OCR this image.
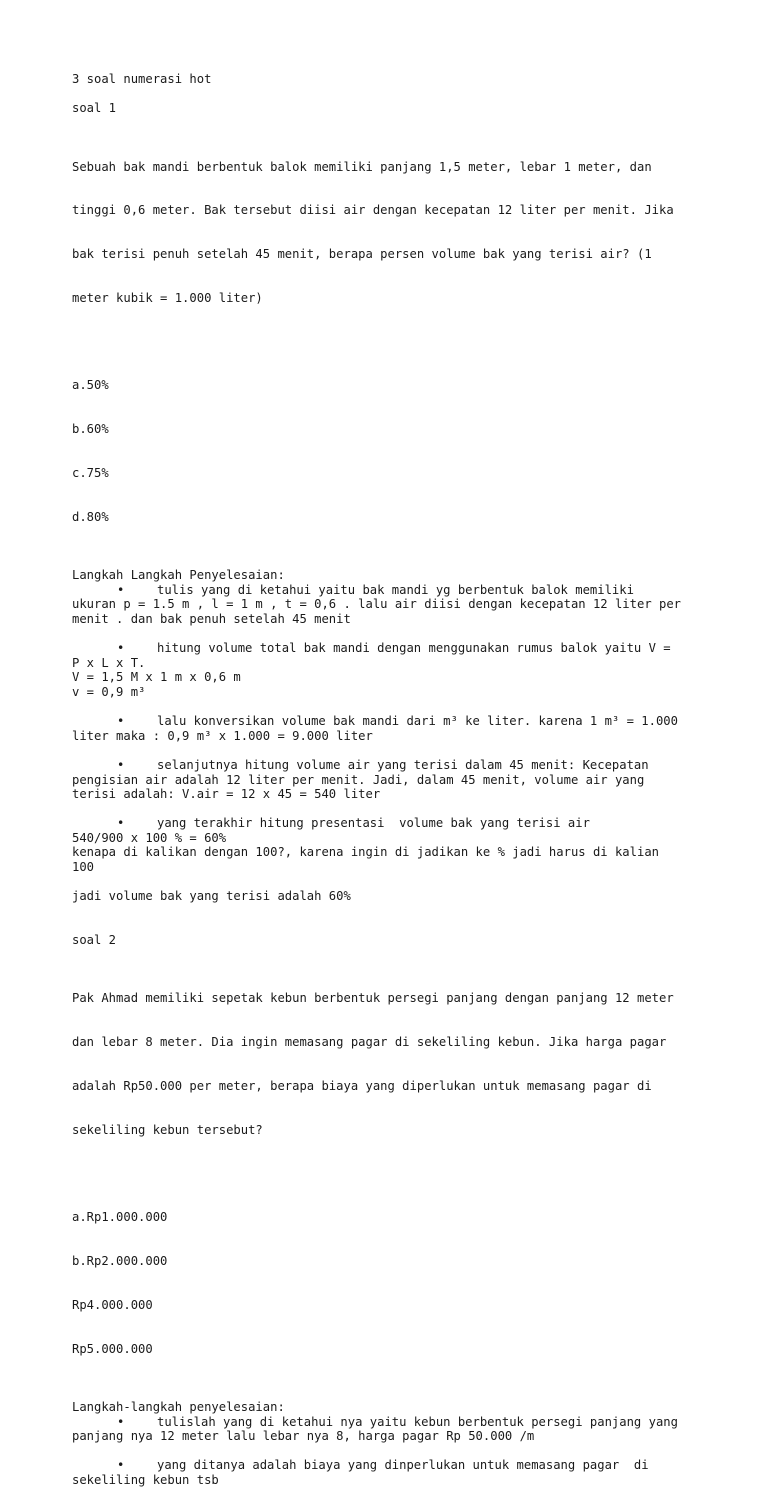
3 soal numerasi hot
soal 1

Sebuah bak mandi berbentuk balok memiliki panjang 1,5 meter, lebar 1 meter, dan

tinggi 0,6 meter. Bak tersebut diisi air dengan kecepatan 12 liter per menit. Jika

bak terisi penuh setelah 45 menit, berapa persen volume bak yang terisi air? (1

meter kubik = 1.000 liter)

a.50%

b.60%

c.75%

d.80%

Langkah Langkah Penyelesaian:
•	tulis yang di ketahui yaitu bak mandi yg berbentuk balok memiliki
ukuran p = 1.5 m , l = 1 m , t = 0,6 . lalu air diisi dengan kecepatan 12 liter per
menit . dan bak penuh setelah 45 menit
•	hitung volume total bak mandi dengan menggunakan rumus balok yaitu V =
P x L x T.
V = 1,5 M x 1 m x 0,6 m
v = 0,9 m³
•	lalu konversikan volume bak mandi dari m³ ke liter. karena 1 m³ = 1.000
liter maka : 0,9 m³ x 1.000 = 9.000 liter
•	selanjutnya hitung volume air yang terisi dalam 45 menit: Kecepatan
pengisian air adalah 12 liter per menit. Jadi, dalam 45 menit, volume air yang
terisi adalah: V.air = 12 x 45 = 540 liter
•	yang terakhir hitung presentasi  volume bak yang terisi air
540/900 x 100 % = 60%
kenapa di kalikan dengan 100?, karena ingin di jadikan ke % jadi harus di kalian
100
jadi volume bak yang terisi adalah 60%
soal 2

Pak Ahmad memiliki sepetak kebun berbentuk persegi panjang dengan panjang 12 meter

dan lebar 8 meter. Dia ingin memasang pagar di sekeliling kebun. Jika harga pagar

adalah Rp50.000 per meter, berapa biaya yang diperlukan untuk memasang pagar di

sekeliling kebun tersebut?

a.Rp1.000.000

b.Rp2.000.000

Rp4.000.000

Rp5.000.000

Langkah-langkah penyelesaian:
•	tulislah yang di ketahui nya yaitu kebun berbentuk persegi panjang yang
panjang nya 12 meter lalu lebar nya 8, harga pagar Rp 50.000 /m
•	yang ditanya adalah biaya yang dinperlukan untuk memasang pagar  di
sekeliling kebun tsb
